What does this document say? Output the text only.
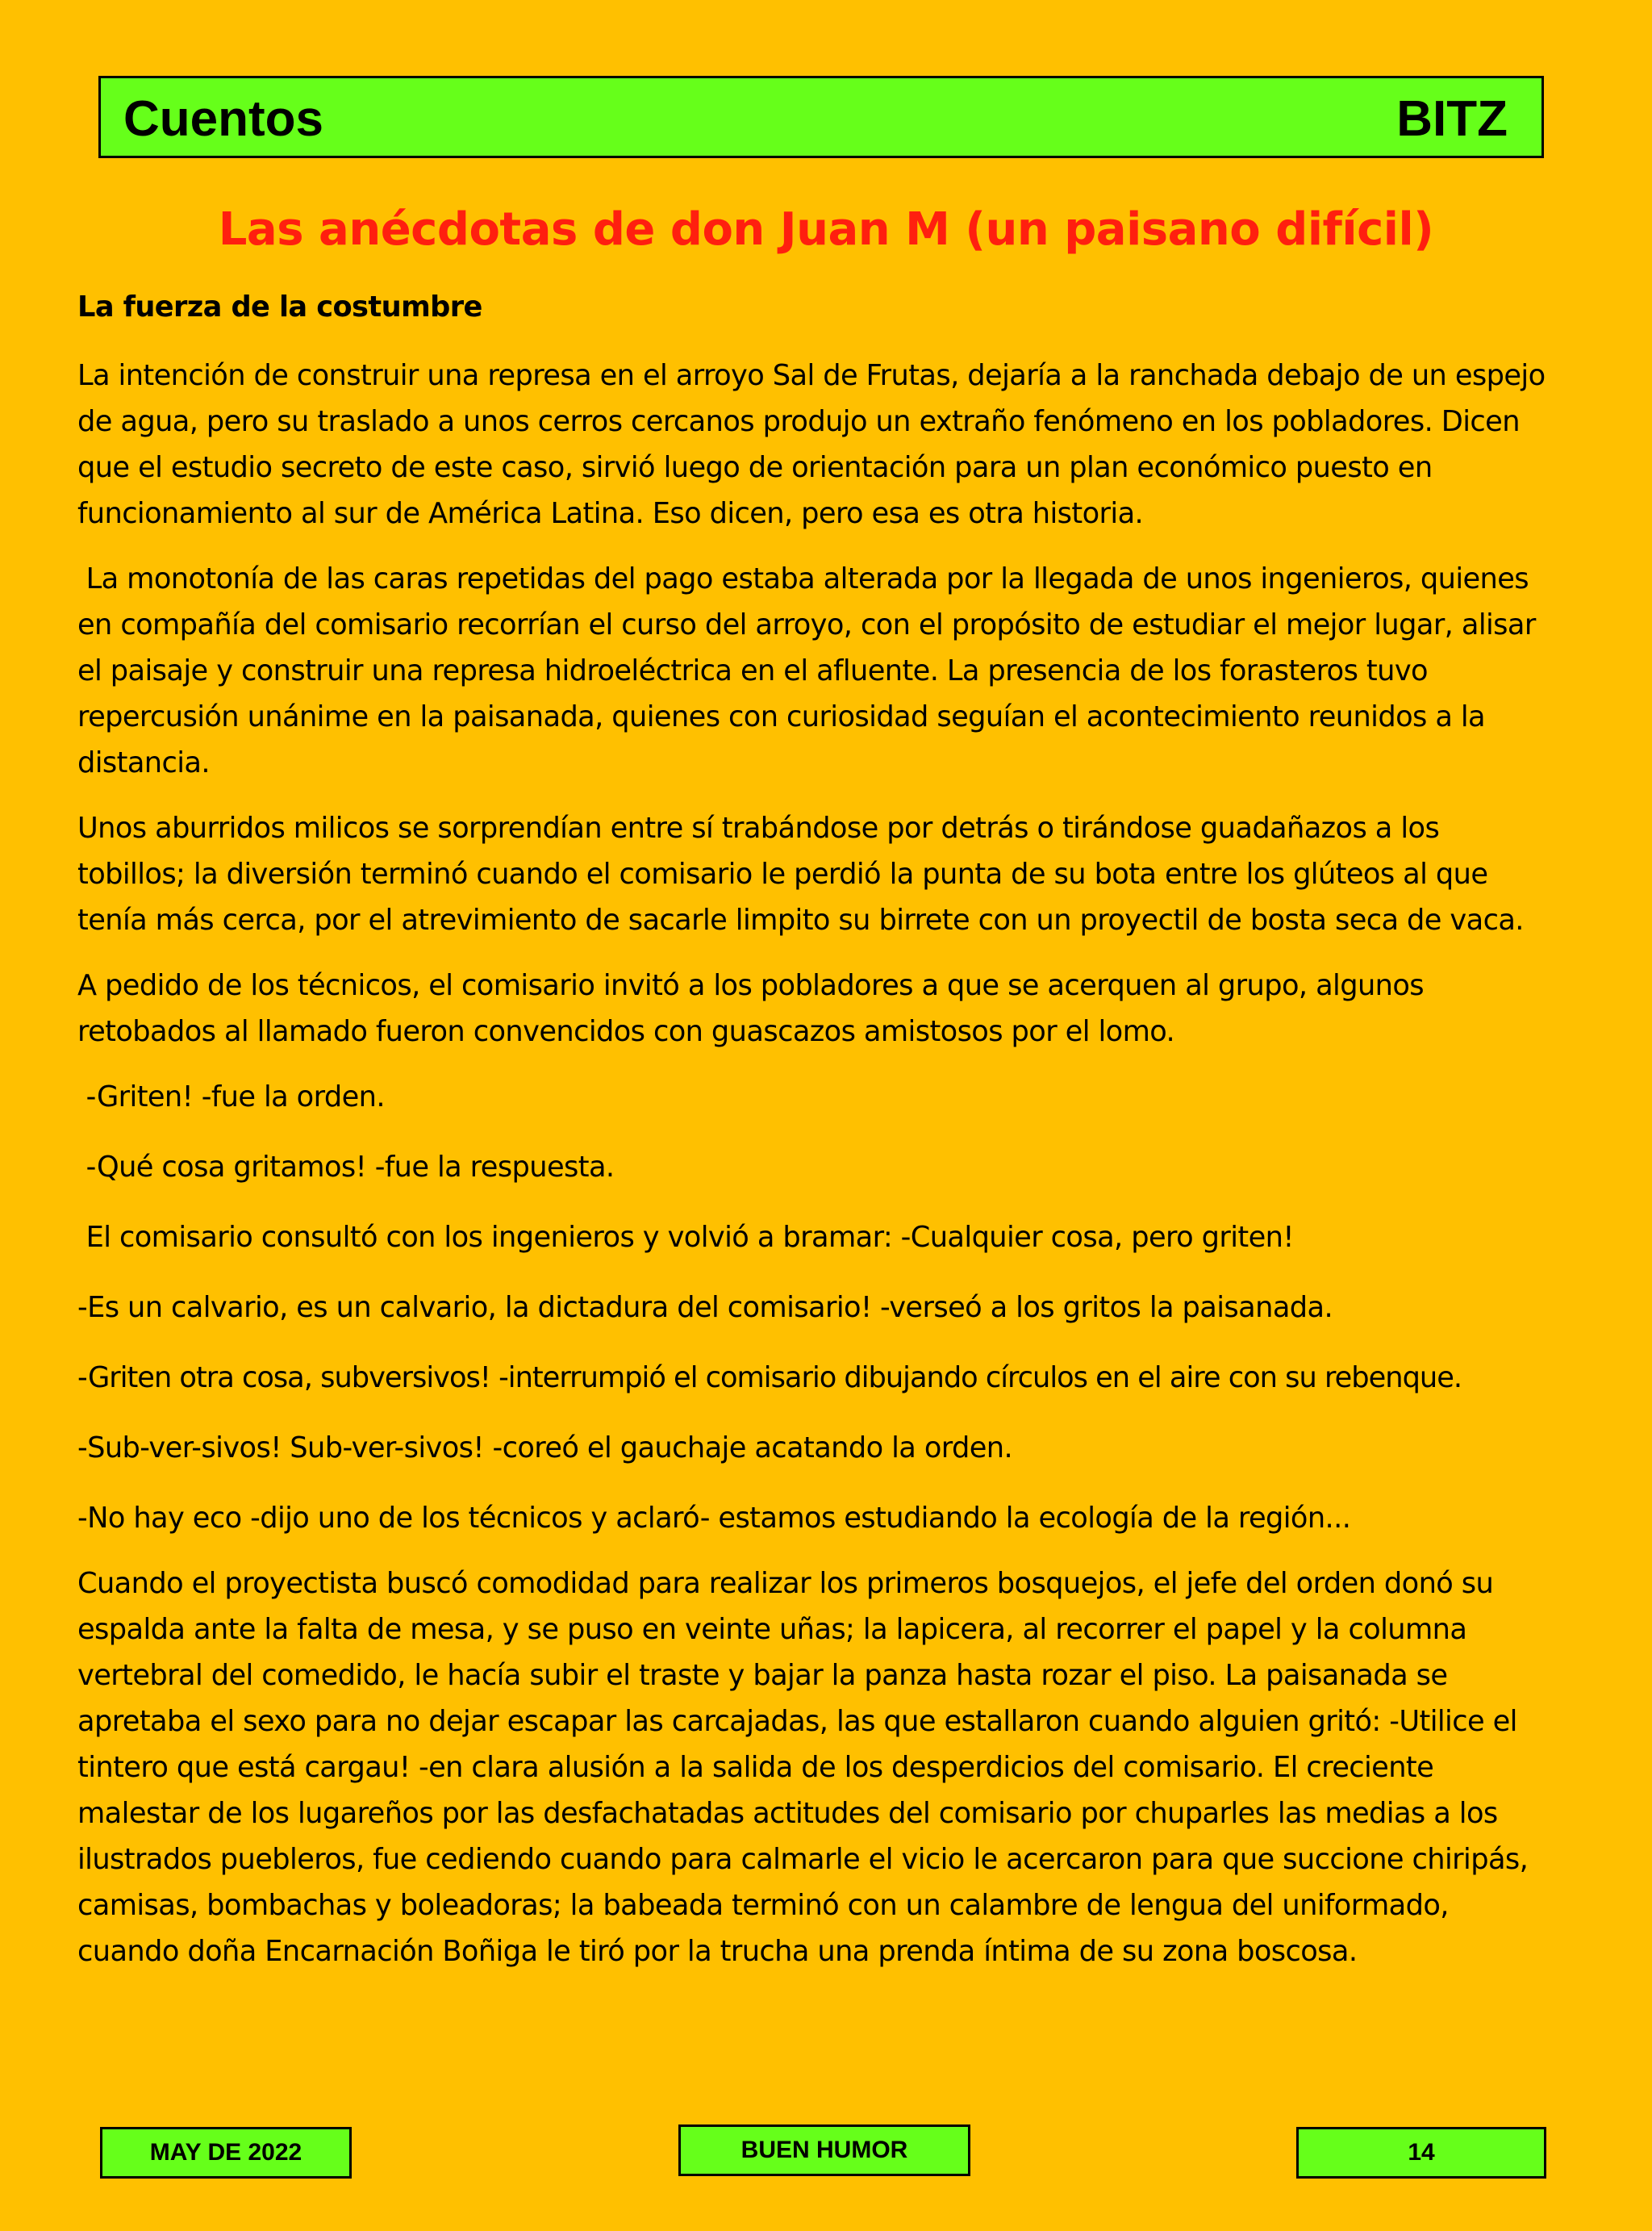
Cuentos	BITZ
Las anécdotas de don Juan M (un paisano difícil)
La fuerza de la costumbre

La intención de construir una represa en el arroyo Sal de Frutas, dejaría a la ranchada debajo de un espejo de agua, pero su traslado a unos cerros cercanos produjo un extraño fenómeno en los pobladores. Dicen que el estudio secreto de este caso, sirvió luego de orientación para un plan económico puesto en funcionamiento al sur de América Latina. Eso dicen, pero esa es otra historia.

La monotonía de las caras repetidas del pago estaba alterada por la llegada de unos ingenieros, quienes en compañía del comisario recorrían el curso del arroyo, con el propósito de estudiar el mejor lugar, alisar el paisaje y construir una represa hidroeléctrica en el afluente. La presencia de los forasteros tuvo repercusión unánime en la paisanada, quienes con curiosidad seguían el acontecimiento reunidos a la distancia.

Unos aburridos milicos se sorprendían entre sí trabándose por detrás o tirándose guadañazos a los tobillos; la diversión terminó cuando el comisario le perdió la punta de su bota entre los glúteos al que tenía más cerca, por el atrevimiento de sacarle limpito su birrete con un proyectil de bosta seca de vaca.

A pedido de los técnicos, el comisario invitó a los pobladores a que se acerquen al grupo, algunos retobados al llamado fueron convencidos con guascazos amistosos por el lomo.

-Griten! -fue la orden.

-Qué cosa gritamos! -fue la respuesta.

El comisario consultó con los ingenieros y volvió a bramar: -Cualquier cosa, pero griten!

-Es un calvario, es un calvario, la dictadura del comisario! -verseó a los gritos la paisanada.

-Griten otra cosa, subversivos! -interrumpió el comisario dibujando círculos en el aire con su rebenque.

-Sub-ver-sivos! Sub-ver-sivos! -coreó el gauchaje acatando la orden.

-No hay eco -dijo uno de los técnicos y aclaró- estamos estudiando la ecología de la región...

Cuando el proyectista buscó comodidad para realizar los primeros bosquejos, el jefe del orden donó su espalda ante la falta de mesa, y se puso en veinte uñas; la lapicera, al recorrer el papel y la columna vertebral del comedido, le hacía subir el traste y bajar la panza hasta rozar el piso. La paisanada se apretaba el sexo para no dejar escapar las carcajadas, las que estallaron cuando alguien gritó: -Utilice el tintero que está cargau! -en clara alusión a la salida de los desperdicios del comisario. El creciente malestar de los lugareños por las desfachatadas actitudes del comisario por chuparles las medias a los ilustrados puebleros, fue cediendo cuando para calmarle el vicio le acercaron para que succione chiripás, camisas, bombachas y boleadoras; la babeada terminó con un calambre de lengua del uniformado, cuando doña Encarnación Boñiga le tiró por la trucha una prenda íntima de su zona boscosa.

MAY DE 2022	BUEN HUMOR	14
